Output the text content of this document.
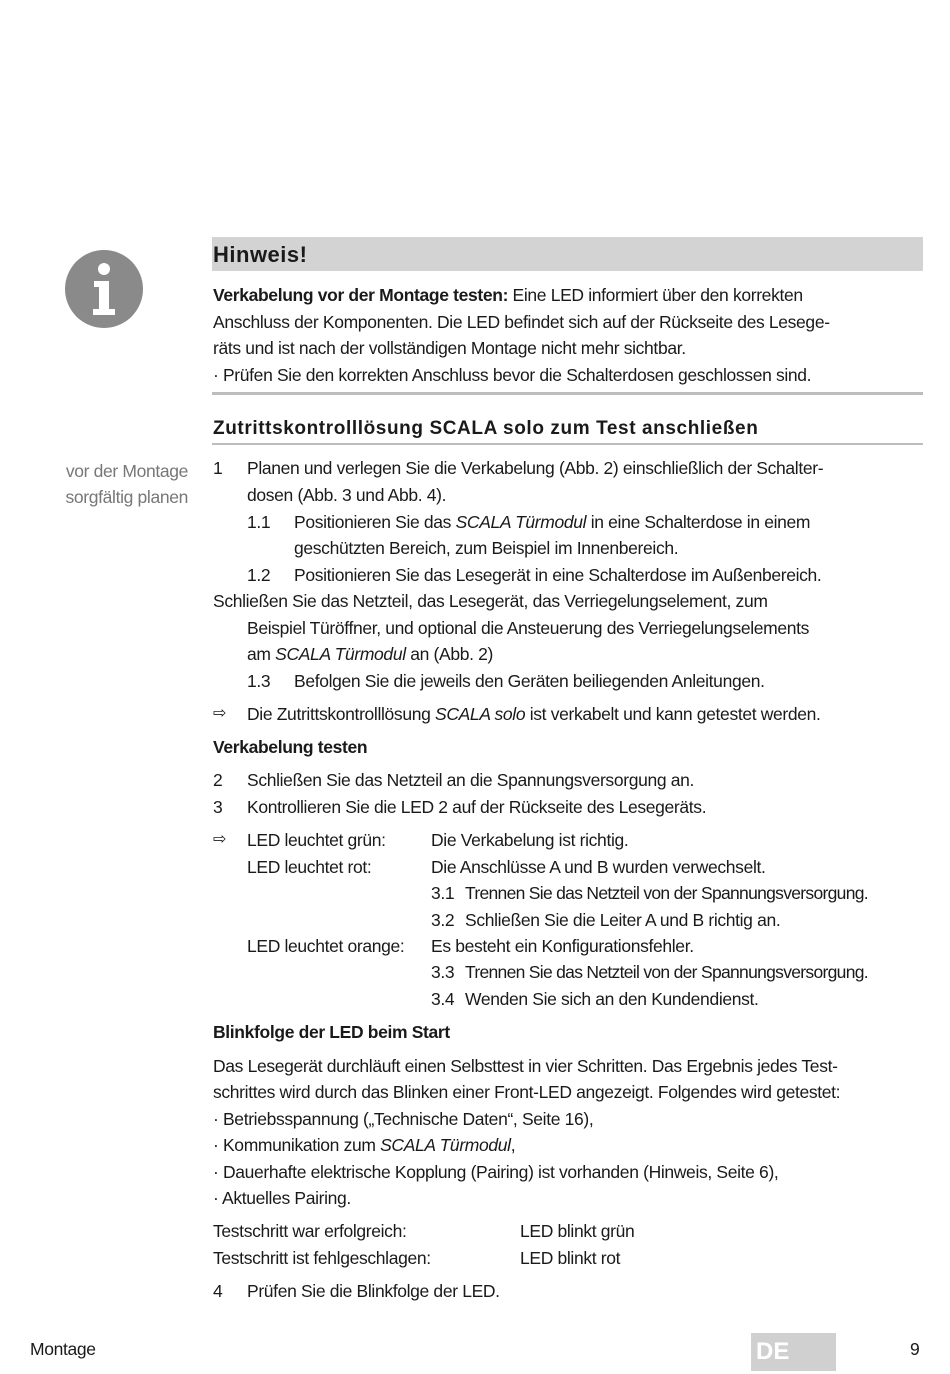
Hinweis!
Verkabelung vor der Montage testen: Eine LED informiert über den korrekten
Anschluss der Komponenten. Die LED befindet sich auf der Rückseite des Lesege-
räts und ist nach der vollständigen Montage nicht mehr sichtbar.
· Prüfen Sie den korrekten Anschluss bevor die Schalterdosen geschlossen sind.
Zutrittskontrolllösung SCALA solo zum Test anschließen
vor der Montage
sorgfältig planen
1 Planen und verlegen Sie die Verkabelung (Abb. 2) einschließlich der Schalter-
dosen (Abb. 3 und Abb. 4).
1.1 Positionieren Sie das SCALA Türmodul in eine Schalterdose in einem
geschützten Bereich, zum Beispiel im Innenbereich.
1.2 Positionieren Sie das Lesegerät in eine Schalterdose im Außenbereich.
Schließen Sie das Netzteil, das Lesegerät, das Verriegelungselement, zum
Beispiel Türöffner, und optional die Ansteuerung des Verriegelungselements
am SCALA Türmodul an (Abb. 2)
1.3 Befolgen Sie die jeweils den Geräten beiliegenden Anleitungen.
⇨ Die Zutrittskontrolllösung SCALA solo ist verkabelt und kann getestet werden.
Verkabelung testen
2 Schließen Sie das Netzteil an die Spannungsversorgung an.
3 Kontrollieren Sie die LED 2 auf der Rückseite des Lesegeräts.
⇨ LED leuchtet grün:	Die Verkabelung ist richtig.
LED leuchtet rot:	Die Anschlüsse A und B wurden verwechselt.
3.1 Trennen Sie das Netzteil von der Spannungsversorgung.
3.2 Schließen Sie die Leiter A und B richtig an.
LED leuchtet orange: Es besteht ein Konfigurationsfehler.
3.3 Trennen Sie das Netzteil von der Spannungsversorgung.
3.4 Wenden Sie sich an den Kundendienst.
Blinkfolge der LED beim Start
Das Lesegerät durchläuft einen Selbsttest in vier Schritten. Das Ergebnis jedes Test-
schrittes wird durch das Blinken einer Front-LED angezeigt. Folgendes wird getestet:
· Betriebsspannung („Technische Daten“, Seite 16),
· Kommunikation zum SCALA Türmodul,
· Dauerhafte elektrische Kopplung (Pairing) ist vorhanden (Hinweis, Seite 6),
· Aktuelles Pairing.
Testschritt war erfolgreich:	LED blinkt grün
Testschritt ist fehlgeschlagen:	LED blinkt rot
4 Prüfen Sie die Blinkfolge der LED.
Montage	DE	9
